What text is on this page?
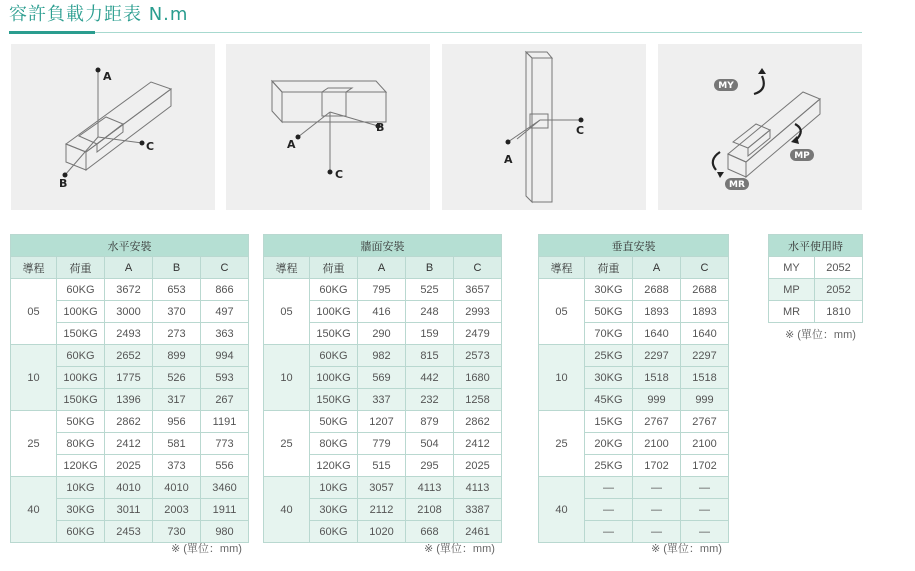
容許負載力距表 N.m
A
B
C	A
B
C
A
C
MY
MP
MR
水平安裝				
導程	荷重	A	B	C
05	60KG	3672	653	866
	100KG	3000	370	497
	150KG	2493	273	363
10	60KG	2652	899	994
	100KG	1775	526	593
	150KG	1396	317	267
25	50KG	2862	956	1191
	80KG	2412	581	773
	120KG	2025	373	556
40	10KG	4010	4010	3460
	30KG	3011	2003	1911
	60KG	2453	730	980
牆面安裝				
導程	荷重	A	B	C
05	60KG	795	525	3657
	100KG	416	248	2993
	150KG	290	159	2479
10	60KG	982	815	2573
	100KG	569	442	1680
	150KG	337	232	1258
25	50KG	1207	879	2862
	80KG	779	504	2412
	120KG	515	295	2025
40	10KG	3057	4113	4113
	30KG	2112	2108	3387
	60KG	1020	668	2461
垂直安裝			
導程	荷重	A	C
05	30KG	2688	2688
	50KG	1893	1893
	70KG	1640	1640
10	25KG	2297	2297
	30KG	1518	1518
	45KG	999	999
25	15KG	2767	2767
	20KG	2100	2100
	25KG	1702	1702
40	—	—	—
	—	—	—
	—	—	—
水平使用時	
MY	2052
MP	2052
MR	1810
※ (單位：mm)
※ (單位：mm)	※ (單位：mm)	※ (單位：mm)
